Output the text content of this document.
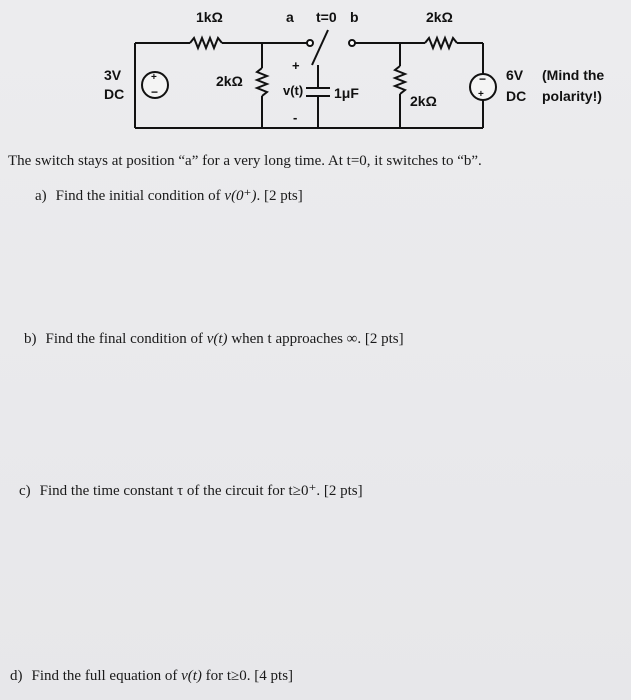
1kΩ	a t=0 b	2kΩ
3V
DC
+
−
2kΩ
+
v(t)
-
1μF	2kΩ
−
+
6V
DC
(Mind the
polarity!)
The switch stays at position “a” for a very long time. At t=0, it switches to “b”.
a) Find the initial condition of v(0⁺). [2 pts]
b) Find the final condition of v(t) when t approaches ∞. [2 pts]
c) Find the time constant τ of the circuit for t≥0⁺. [2 pts]
d) Find the full equation of v(t) for t≥0. [4 pts]
